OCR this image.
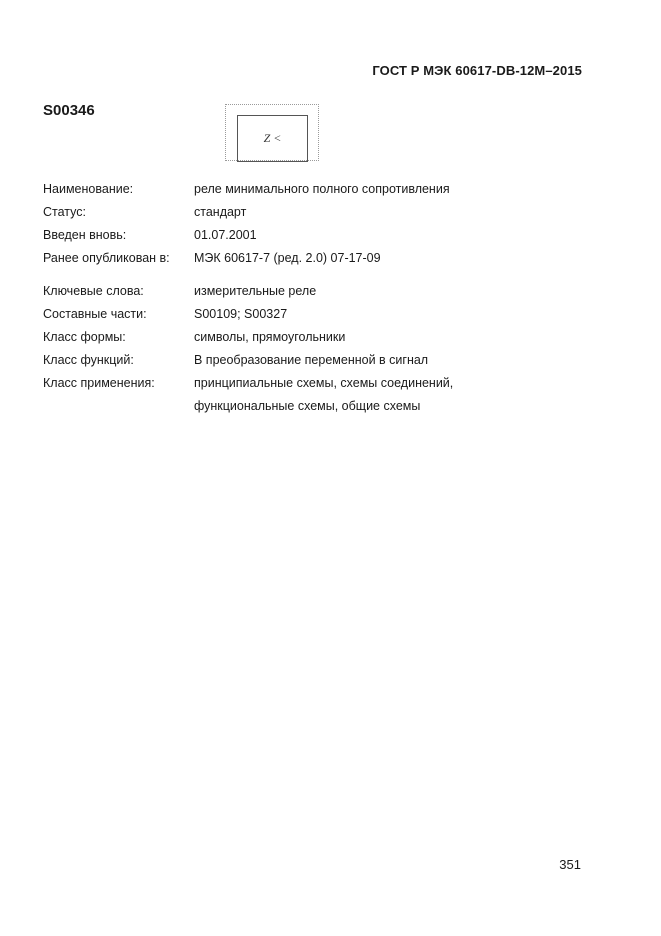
ГОСТ Р МЭК 60617-DB-12M–2015
S00346
Z <
Наименование:	реле минимального полного сопротивления
Статус:	стандарт
Введен вновь:	01.07.2001
Ранее опубликован в:	МЭК 60617-7 (ред. 2.0) 07-17-09
Ключевые слова:	измерительные реле
Составные части:	S00109; S00327
Класс формы:	символы, прямоугольники
Класс функций:	В преобразование переменной в сигнал
Класс применения:	принципиальные схемы, схемы соединений,
функциональные схемы, общие схемы
351
